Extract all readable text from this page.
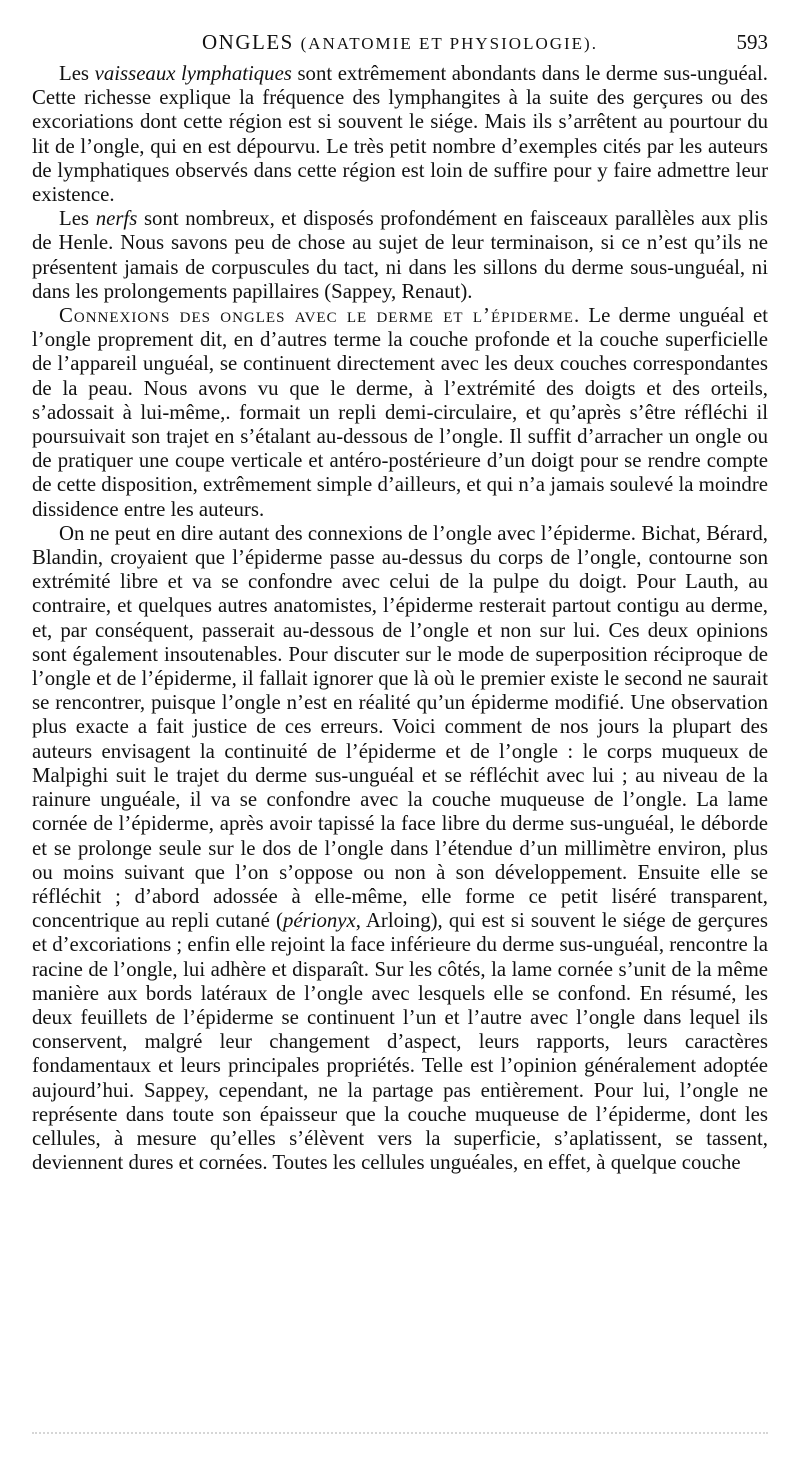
ONGLES (ANATOMIE ET PHYSIOLOGIE).	593

Les vaisseaux lymphatiques sont extrêmement abondants dans le derme sus-unguéal. Cette richesse explique la fréquence des lymphangites à la suite des gerçures ou des excoriations dont cette région est si souvent le siége. Mais ils s’arrêtent au pourtour du lit de l’ongle, qui en est dépourvu. Le très petit nombre d’exemples cités par les auteurs de lymphatiques observés dans cette région est loin de suffire pour y faire admettre leur existence.

Les nerfs sont nombreux, et disposés profondément en faisceaux parallèles aux plis de Henle. Nous savons peu de chose au sujet de leur terminaison, si ce n’est qu’ils ne présentent jamais de corpuscules du tact, ni dans les sillons du derme sous-unguéal, ni dans les prolongements papillaires (Sappey, Renaut).

Connexions des ongles avec le derme et l’épiderme. Le derme unguéal et l’ongle proprement dit, en d’autres terme la couche profonde et la couche superficielle de l’appareil unguéal, se continuent directement avec les deux couches correspondantes de la peau. Nous avons vu que le derme, à l’extrémité des doigts et des orteils, s’adossait à lui-même,. formait un repli demi-circulaire, et qu’après s’être réfléchi il poursuivait son trajet en s’étalant au-dessous de l’ongle. Il suffit d’arracher un ongle ou de pratiquer une coupe verticale et antéro-postérieure d’un doigt pour se rendre compte de cette disposition, extrêmement simple d’ailleurs, et qui n’a jamais soulevé la moindre dissidence entre les auteurs.

On ne peut en dire autant des connexions de l’ongle avec l’épiderme. Bichat, Bérard, Blandin, croyaient que l’épiderme passe au-dessus du corps de l’ongle, contourne son extrémité libre et va se confondre avec celui de la pulpe du doigt. Pour Lauth, au contraire, et quelques autres anatomistes, l’épiderme resterait partout contigu au derme, et, par conséquent, passerait au-dessous de l’ongle et non sur lui. Ces deux opinions sont également insoutenables. Pour discuter sur le mode de superposition réciproque de l’ongle et de l’épiderme, il fallait ignorer que là où le premier existe le second ne saurait se rencontrer, puisque l’ongle n’est en réalité qu’un épiderme modifié. Une observation plus exacte a fait justice de ces erreurs. Voici comment de nos jours la plupart des auteurs envisagent la continuité de l’épiderme et de l’ongle : le corps muqueux de Malpighi suit le trajet du derme sus-unguéal et se réfléchit avec lui ; au niveau de la rainure unguéale, il va se confondre avec la couche muqueuse de l’ongle. La lame cornée de l’épiderme, après avoir tapissé la face libre du derme sus-unguéal, le déborde et se prolonge seule sur le dos de l’ongle dans l’étendue d’un millimètre environ, plus ou moins suivant que l’on s’oppose ou non à son développement. Ensuite elle se réfléchit ; d’abord adossée à elle-même, elle forme ce petit liséré transparent, concentrique au repli cutané (périonyx, Arloing), qui est si souvent le siége de gerçures et d’excoriations ; enfin elle rejoint la face inférieure du derme sus-unguéal, rencontre la racine de l’ongle, lui adhère et disparaît. Sur les côtés, la lame cornée s’unit de la même manière aux bords latéraux de l’ongle avec lesquels elle se confond. En résumé, les deux feuillets de l’épiderme se continuent l’un et l’autre avec l’ongle dans lequel ils conservent, malgré leur changement d’aspect, leurs rapports, leurs caractères fondamentaux et leurs principales propriétés. Telle est l’opinion généralement adoptée aujourd’hui. Sappey, cependant, ne la partage pas entièrement. Pour lui, l’ongle ne représente dans toute son épaisseur que la couche muqueuse de l’épiderme, dont les cellules, à mesure qu’elles s’élèvent vers la superficie, s’aplatissent, se tassent, deviennent dures et cornées. Toutes les cellules unguéales, en effet, à quelque couche
